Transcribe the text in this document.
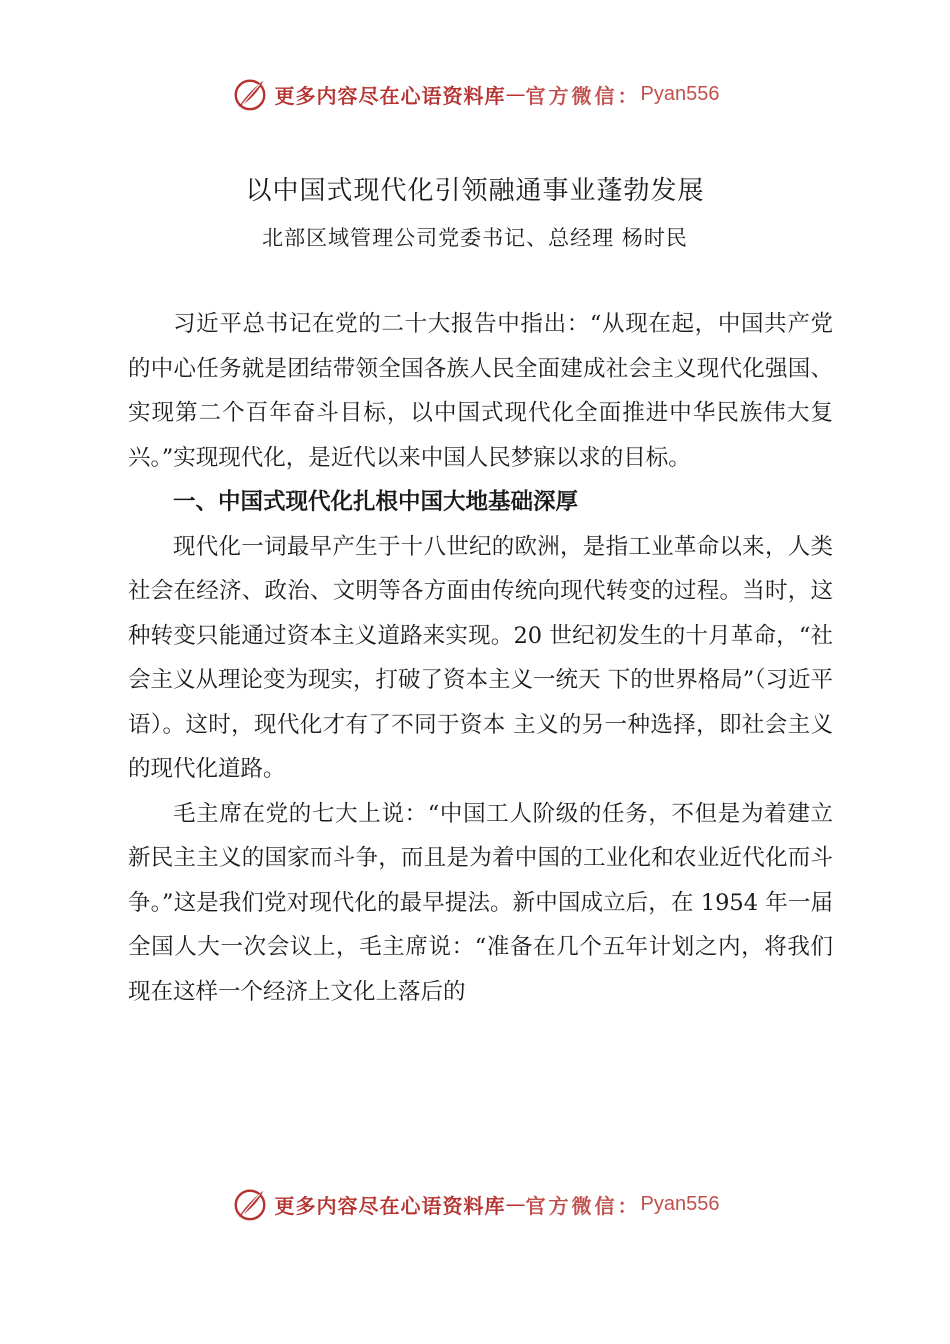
更多内容尽在心语资料库 — 官方微信： Pyan556
以中国式现代化引领融通事业蓬勃发展
北部区域管理公司党委书记、总经理 杨时民

习近平总书记在党的二十大报告中指出：“从现在起，中国共产党的中心任务就是团结带领全国各族人民全面建成社会主义现代化强国、实现第二个百年奋斗目标，以中国式现代化全面推进中华民族伟大复兴。”实现现代化，是近代以来中国人民梦寐以求的目标。

一、中国式现代化扎根中国大地基础深厚

现代化一词最早产生于十八世纪的欧洲，是指工业革命以来，人类社会在经济、政治、文明等各方面由传统向现代转变的过程。当时，这种转变只能通过资本主义道路来实现。20 世纪初发生的十月革命，“社会主义从理论变为现实，打破了资本主义一统天 下的世界格局”（习近平语）。这时，现代化才有了不同于资本 主义的另一种选择，即社会主义的现代化道路。

毛主席在党的七大上说：“中国工人阶级的任务，不但是为着建立新民主主义的国家而斗争，而且是为着中国的工业化和农业近代化而斗争。”这是我们党对现代化的最早提法。新中国成立后，在 1954 年一届全国人大一次会议上，毛主席说：“准备在几个五年计划之内，将我们现在这样一个经济上文化上落后的

更多内容尽在心语资料库 — 官方微信： Pyan556
